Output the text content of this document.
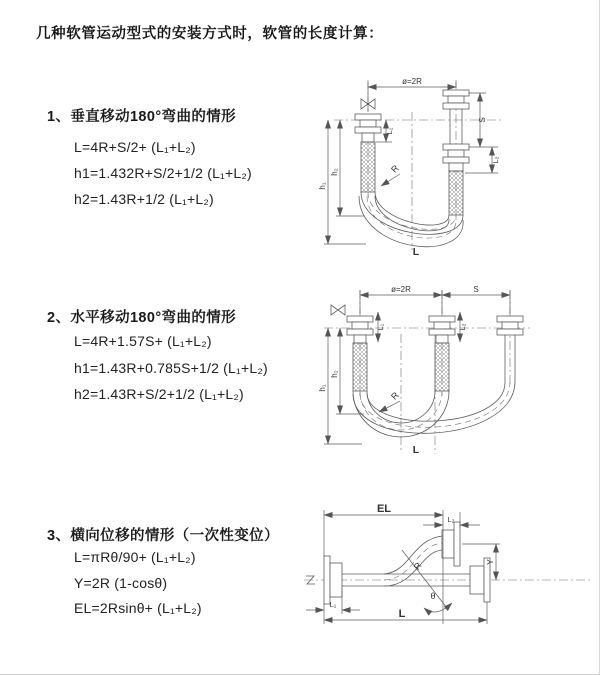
几种软管运动型式的安装方式时，软管的长度计算：
1、垂直移动180°弯曲的情形
L=4R+S/2+ (L₁+L₂)
h1=1.432R+S/2+1/2 (L₁+L₂)
h2=1.43R+1/2 (L₁+L₂)
2、水平移动180°弯曲的情形
L=4R+1.57S+ (L₁+L₂)
h1=1.43R+0.785S+1/2 (L₁+L₂)
h2=1.43R+S/2+1/2 (L₁+L₂)
3、横向位移的情形（一次性变位）
L=πRθ/90+ (L₁+L₂)
Y=2R (1-cosθ)
EL=2Rsinθ+ (L₁+L₂)
ø=2R
h₁
h₂
L₁
S
L₂
R
L
ø=2R	S
h₁
h₂
L₁	L₂
R
L
EL
L₂
Y
R
θ
L
L₁
